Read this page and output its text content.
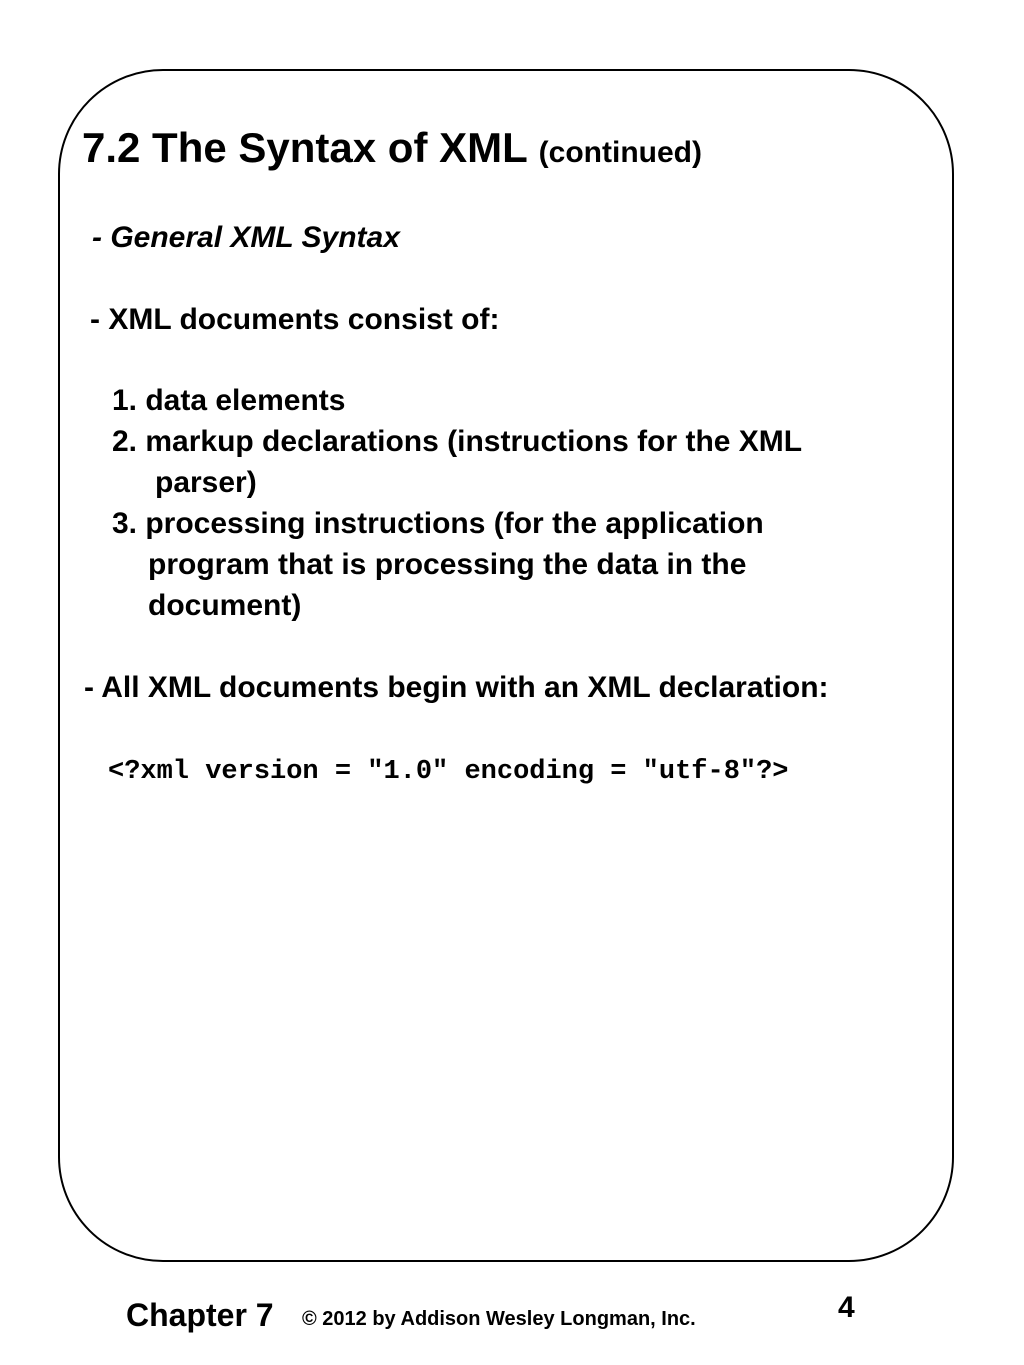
7.2 The Syntax of XML (continued)
- General XML Syntax
- XML documents consist of:
1. data elements
2. markup declarations (instructions for the XML
parser)
3. processing instructions (for the application
program that is processing the data in the
document)
- All XML documents begin with an XML declaration:
<?xml version = "1.0" encoding = "utf-8"?>
Chapter 7 © 2012 by Addison Wesley Longman, Inc.	4
